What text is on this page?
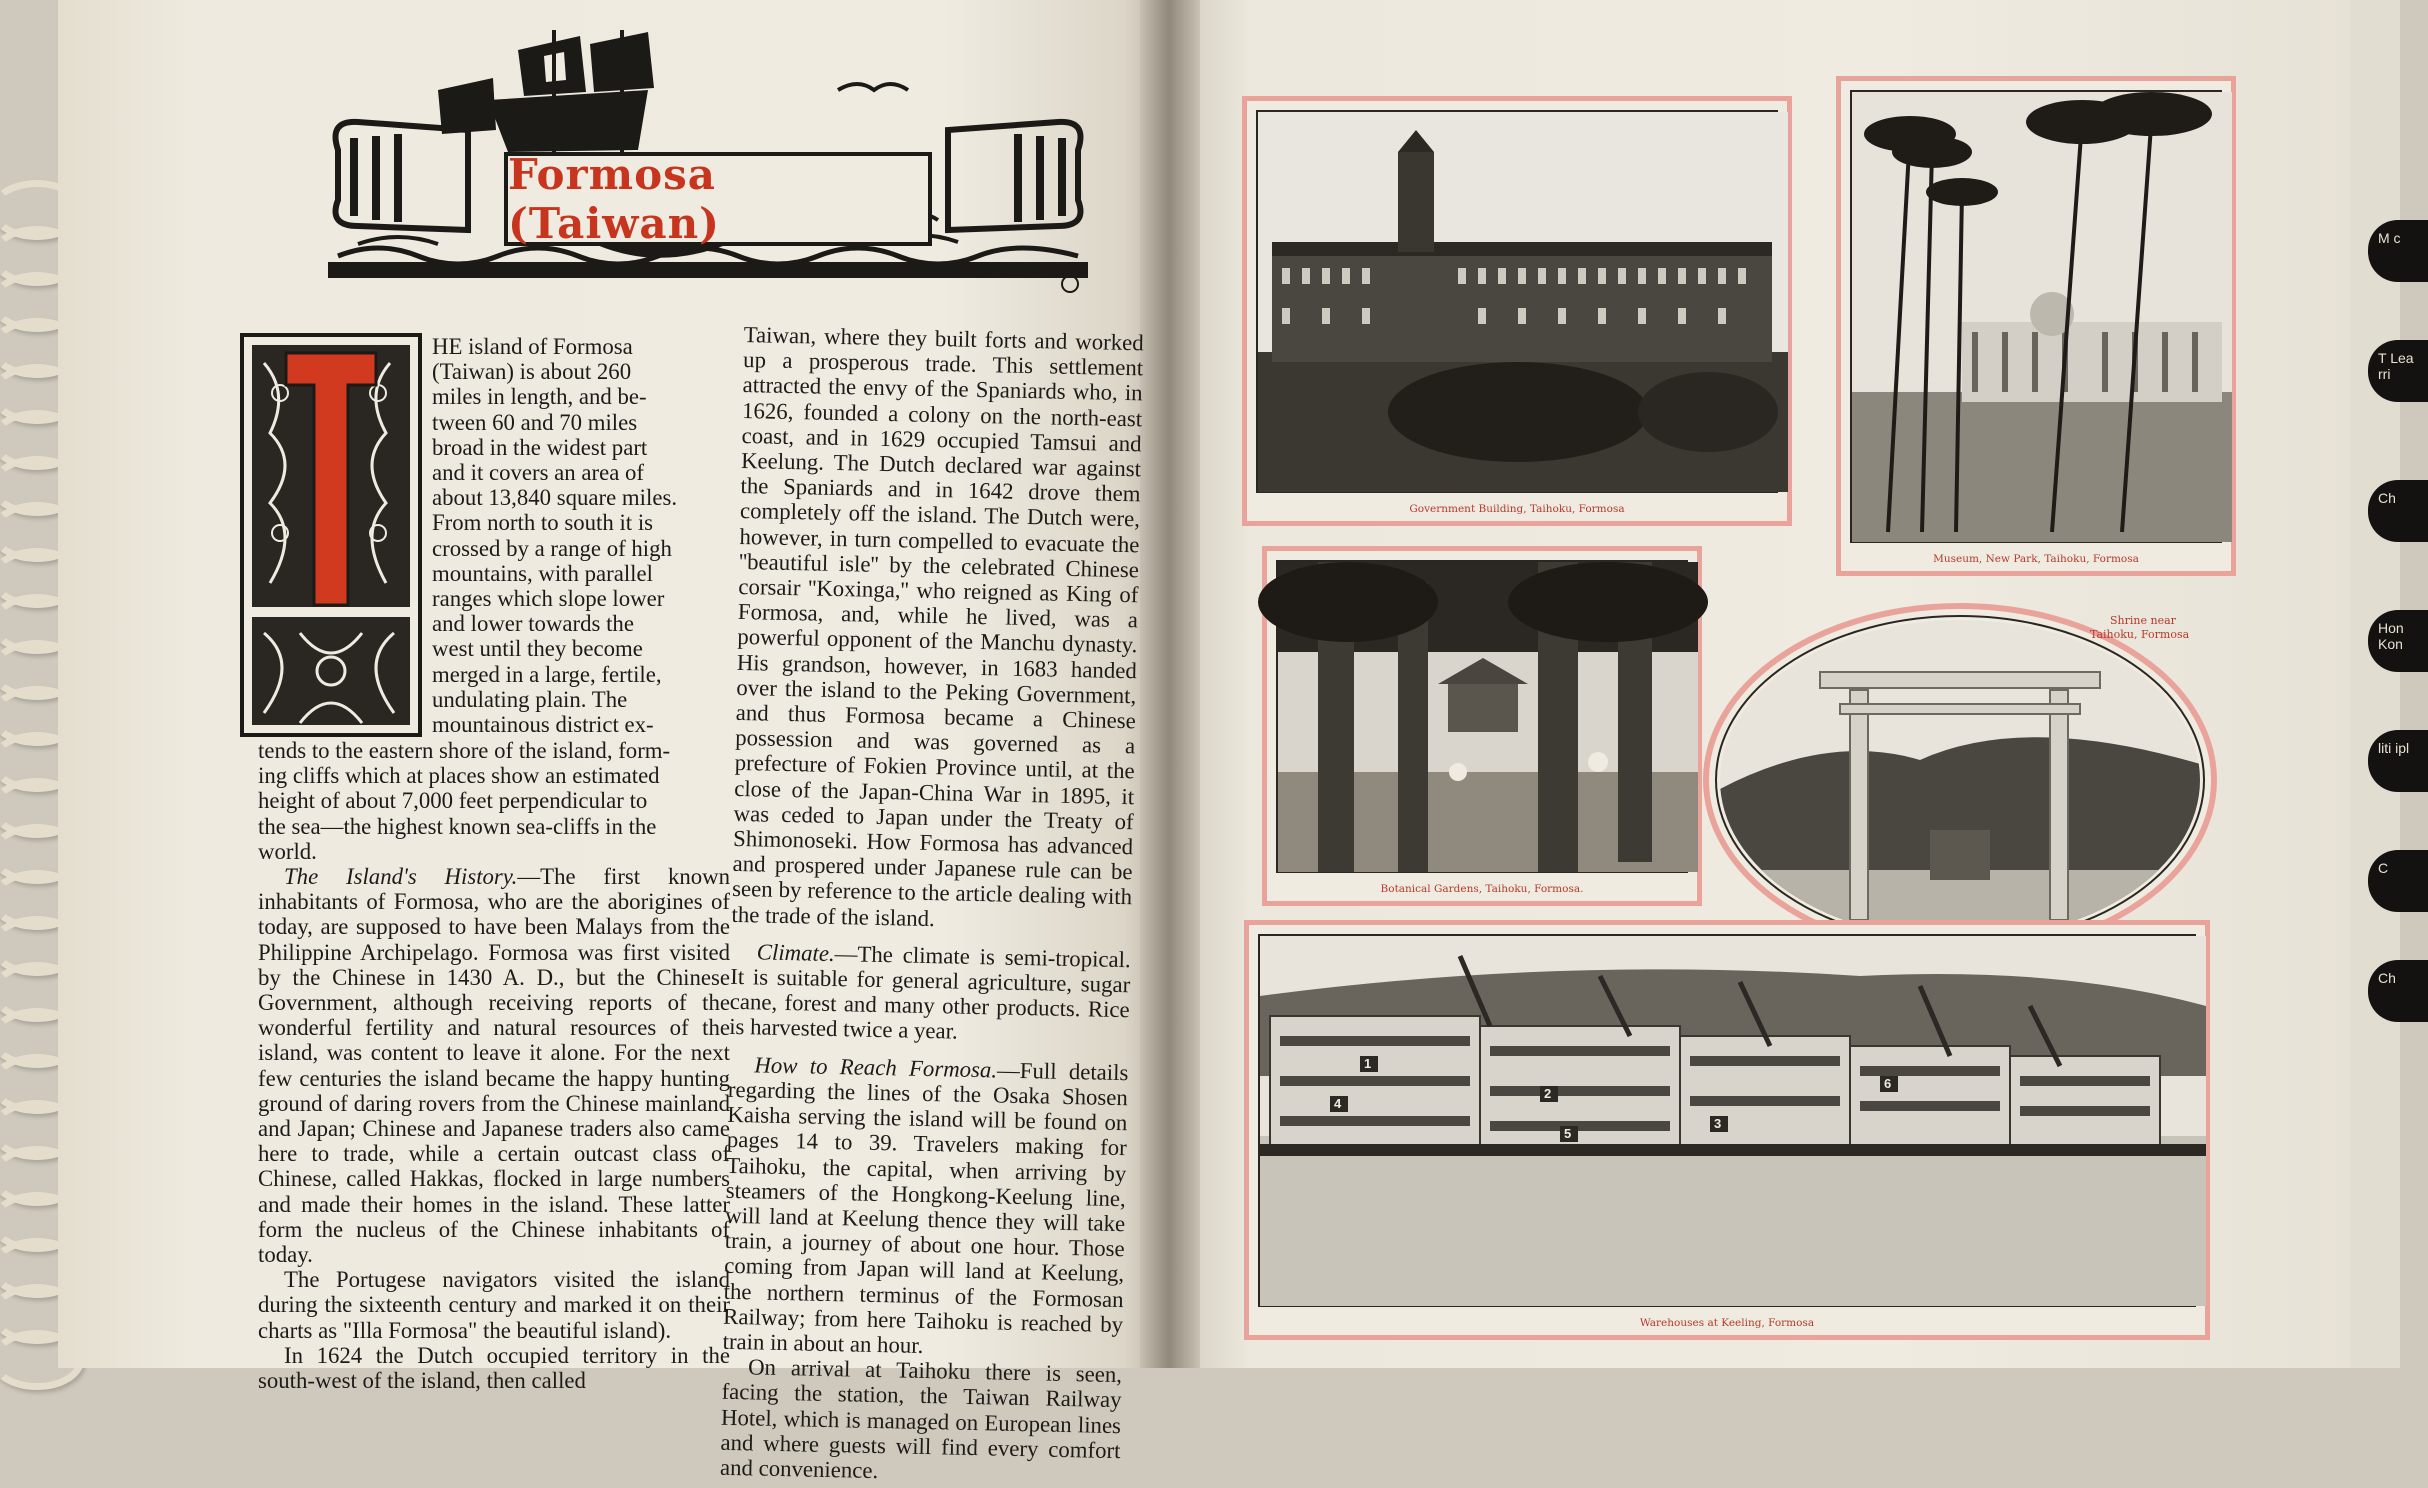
M c
T Lea rri
Ch
Hon Kon
liti ipl
C
Ch
Formosa (Taiwan)
HE island of Formosa
(Taiwan) is about 260
miles in length, and be-
tween 60 and 70 miles
broad in the widest part
and it covers an area of
about 13,840 square miles.
From north to south it is
crossed by a range of high
mountains, with parallel
ranges which slope lower
and lower towards the
west until they become
merged in a large, fertile,
undulating plain. The
mountainous district ex-
tends to the eastern shore of the island, form-
ing cliffs which at places show an estimated
height of about 7,000 feet perpendicular to
the sea—the highest known sea-cliffs in the
world.

The Island's History.—The first known inhabitants of Formosa, who are the aborigines of today, are supposed to have been Malays from the Philippine Archipelago. Formosa was first visited by the Chinese in 1430 A. D., but the Chinese Government, although receiving reports of the wonderful fertility and natural resources of the island, was content to leave it alone. For the next few centuries the island became the happy hunting ground of daring rovers from the Chinese mainland and Japan; Chinese and Japanese traders also came here to trade, while a certain outcast class of Chinese, called Hakkas, flocked in large numbers and made their homes in the island. These latter form the nucleus of the Chinese inhabitants of today.

The Portugese navigators visited the island during the sixteenth century and marked it on their charts as "Illa Formosa" the beautiful island).

In 1624 the Dutch occupied territory in the south-west of the island, then called

Taiwan, where they built forts and worked up a prosperous trade. This settlement attracted the envy of the Spaniards who, in 1626, founded a colony on the north-east coast, and in 1629 occupied Tamsui and Keelung. The Dutch declared war against the Spaniards and in 1642 drove them completely off the island. The Dutch were, however, in turn compelled to evacuate the ''beautiful isle'' by the celebrated Chinese corsair ''Koxinga,'' who reigned as King of Formosa, and, while he lived, was a powerful opponent of the Manchu dynasty. His grandson, however, in 1683 handed over the island to the Peking Government, and thus Formosa became a Chinese possession and was governed as a prefecture of Fokien Province until, at the close of the Japan-China War in 1895, it was ceded to Japan under the Treaty of Shimonoseki. How Formosa has advanced and prospered under Japanese rule can be seen by reference to the article dealing with the trade of the island.

Climate.—The climate is semi-tropical. It is suitable for general agriculture, sugar cane, forest and many other products. Rice is harvested twice a year.

How to Reach Formosa.—Full details regarding the lines of the Osaka Shosen Kaisha serving the island will be found on pages 14 to 39. Travelers making for Taihoku, the capital, when arriving by steamers of the Hongkong-Keelung line, will land at Keelung thence they will take train, a journey of about one hour. Those coming from Japan will land at Keelung, the northern terminus of the Formosan Railway; from here Taihoku is reached by train in about an hour.

On arrival at Taihoku there is seen, facing the station, the Taiwan Railway Hotel, which is managed on European lines and where guests will find every comfort and convenience.

Government Building, Taihoku, Formosa
Museum, New Park, Taihoku, Formosa
Botanical Gardens, Taihoku, Formosa.
Shrine near
Taihoku, Formosa
1
4
2
3
5
6
Warehouses at Keeling, Formosa
